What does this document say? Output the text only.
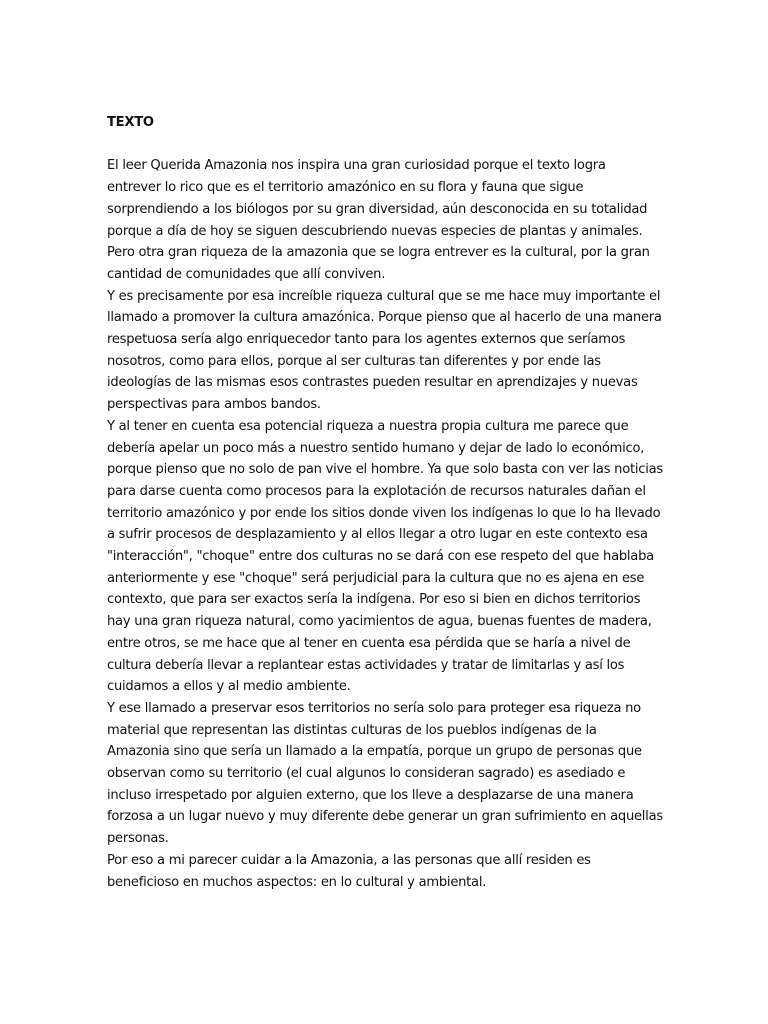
TEXTO

El leer Querida Amazonia nos inspira una gran curiosidad porque el texto logra entrever lo rico que es el territorio amazónico en su flora y fauna que sigue sorprendiendo a los biólogos por su gran diversidad, aún desconocida en su totalidad porque a día de hoy se siguen descubriendo nuevas especies de plantas y animales. Pero otra gran riqueza de la amazonia que se logra entrever es la cultural, por la gran cantidad de comunidades que allí conviven.

Y es precisamente por esa increíble riqueza cultural que se me hace muy importante el llamado a promover la cultura amazónica. Porque pienso que al hacerlo de una manera respetuosa sería algo enriquecedor tanto para los agentes externos que seríamos nosotros, como para ellos, porque al ser culturas tan diferentes y por ende las ideologías de las mismas esos contrastes pueden resultar en aprendizajes y nuevas perspectivas para ambos bandos.

Y al tener en cuenta esa potencial riqueza a nuestra propia cultura me parece que debería apelar un poco más a nuestro sentido humano y dejar de lado lo económico, porque pienso que no solo de pan vive el hombre. Ya que solo basta con ver las noticias para darse cuenta como procesos para la explotación de recursos naturales dañan el territorio amazónico y por ende los sitios donde viven los indígenas lo que lo ha llevado a sufrir procesos de desplazamiento y al ellos llegar a otro lugar en este contexto esa "interacción", "choque" entre dos culturas no se dará con ese respeto del que hablaba anteriormente y ese "choque" será perjudicial para la cultura que no es ajena en ese contexto, que para ser exactos sería la indígena. Por eso si bien en dichos territorios hay una gran riqueza natural, como yacimientos de agua, buenas fuentes de madera, entre otros, se me hace que al tener en cuenta esa pérdida que se haría a nivel de cultura debería llevar a replantear estas actividades y tratar de limitarlas y así los cuidamos a ellos y al medio ambiente.

Y ese llamado a preservar esos territorios no sería solo para proteger esa riqueza no material que representan las distintas culturas de los pueblos indígenas de la Amazonia sino que sería un llamado a la empatía, porque un grupo de personas que observan como su territorio (el cual algunos lo consideran sagrado) es asediado e incluso irrespetado por alguien externo, que los lleve a desplazarse de una manera forzosa a un lugar nuevo y muy diferente debe generar un gran sufrimiento en aquellas personas.

Por eso a mi parecer cuidar a la Amazonia, a las personas que allí residen es beneficioso en muchos aspectos: en lo cultural y ambiental.
